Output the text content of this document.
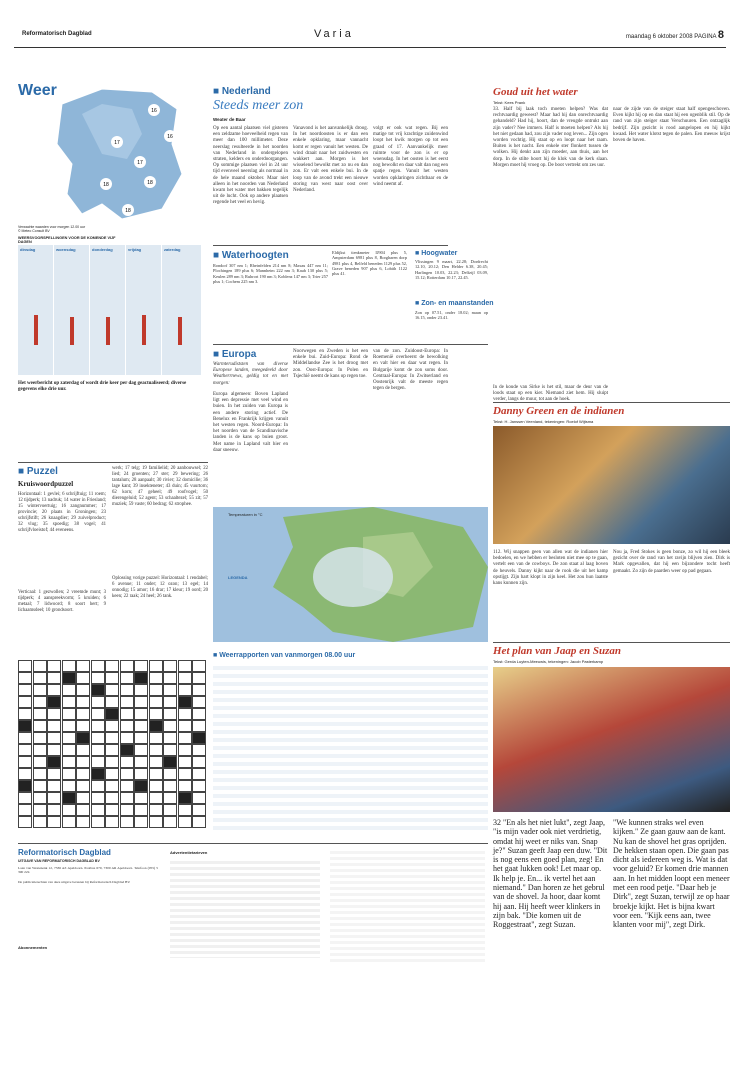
Reformatorisch Dagblad	Varia	maandag 6 oktober 2008 PAGINA 8
Weer
16
16
17
17
18	18
18
Verwachte waarden voor morgen 12.00 uur
© Meteo Consult BV
WEERSVOORSPELLINGEN VOOR DE KOMENDE VIJF DAGEN
dinsdag	woensdag	donderdag	vrijdag	zaterdag
Het weerbericht op zaterdag of wordt drie keer per dag geactualiseerd; diverse gegevens elke drie uur.
■ Puzzel
Kruiswoordpuzzel
Horizontaal: 1 gevlei; 6 schrijftuig; 11 roem; 12 tijdperk; 13 nadruk; 14 water in Friesland; 15 wintervoertuig; 16 zangnummer; 17 provincie; 20 plaats in Groningen; 23 schrijfstift; 26 knaagdier; 29 zuivelproduct; 32 vlug; 35 spoedig; 38 vogel; 41 schrijfvloeistof; 44 eveneens.
Verticaal: 1 gezwollen; 2 vreemde munt; 3 tijdperk; 4 aanspreekvorm; 5 kruiden; 6 metaal; 7 lidwoord; 8 soort hert; 9 lichaamsdeel; 10 grondsoort.
werk; 17 telg; 19 familielid; 20 aanbouwsel; 22 lied; 24 groenten; 27 ster; 29 bewering; 26 tantalum; 28 aanpaalt; 30 rivier; 32 domicilie; 36 lage kant; 39 insekteneter; 43 duin; 45 vuurtorn; 62 korn; 47 geheel; 49 roofvogel; 50 dierengeluid; 52 agent; 53 schaaltezel; 55 zit; 57 muziek; 59 vaste; 60 bedrag; 62 strophee.
Oplossing vorige puzzel: Horizontaal: 1 rendabel; 6 avenue; 11 onder; 12 ozon; 13 egel; 14 onnodig; 15 amor; 16 drar; 17 kleur; 19 oord; 20 keen; 22 raak; 24 heel; 26 tank.
■ Nederland
Steeds meer zon
Weater de Baar
Op een aantal plaatsen viel gisteren een zeldzame hoeveelheid regen van meer dan 100 millimeter. Deze neerslag resulteerde in het noorden van Nederland in ondergelopen straten, kelders en onderdoorgangen. Op sommige plaatsen viel in 24 uur tijd evenveel neerslag als normaal in de hele maand oktober. Maar niet alleen in het noorden van Nederland kwam het water met bakken tegelijk uit de lucht. Ook op andere plaatsen regende het veel en hevig.
Vanavond is het aanvankelijk droog. In het noordoosten is er dan een enkele opklaring, maar vannacht komt er regen vanuit het westen. De wind draait naar het zuidwesten en wakkert aan. Morgen is het wisselend bewolkt met zo nu en dan zon. Er valt een enkele bui. In de loop van de avond trekt een nieuwe storing van west naar oost over Nederland.
volgt er ook wat regen. Bij een matige tot vrij krachtige zuidenwind loopt het kwik morgen op tot een graad of 17. Aanvankelijk meer ruimte voor de zon is er op woensdag. In het oosten is het eerst nog bewolkt en daar valt dan nog een spatje regen. Vanuit het westen worden opklaringen zichtbaar en de wind neemt af.
■ Waterhoogten
Rondorf 307 nm 1; Rheinfelden 214 nm 8; Maxau 447 nm 11; Plochingen 189 plus 6; Mannheim 222 nm 3; Kaub 130 plus 5; Keulen 289 nm 3; Ruhrort 190 nm 3; Koblenz 147 nm 3; Trier 257 plus 1; Cochem 225 nm 3.
Eldijkst tienkmeter IJ904 plus 5, Ampsterdam 6981 plus 8, Borgharen dorp 4981 plus 4, Belfeld beneden 1129 plus 52, Grave beneden 907 plus 6, Lobith 1122 plus 41.
■ Hoogwater
Vlissingen 9 maart, 22.28; Dordrecht 12.10, 20.12; Den Helder 6.38, 20.45; Harlingen 10.03, 22.23; Delfzijl 03.09, 15.12; Rotterdam 10.17, 22.45.
■ Zon- en maanstanden
Zon op 07.51, onder 18.02; maan op 16.15, onder 23.41.
■ Europa
Warmterudiststen van diverse Europese landen, meegedeeld door Weatherrnews, geldig tot en met morgen:
Europa algemeen: Boven Lapland ligt een depressie met veel wind en buien. In het zuiden van Europa is een andere storing actief. De Benelux en Frankrijk krijgen vanuit het westen regen. Noord-Europa: In het noorden van de Scandinavische landen is de kans op buien groot. Met name in Lapland valt hier en daar sneeuw.
Noorwegen en Zweden is het een enkele bui. Zuid-Europa: Rond de Middellandse Zee is het droog met zon. Oost-Europa: In Polen en Tsjechië neemt de kans op regen toe.
van de zon. Zuidoost-Europa: In Roemenië overheerst de bewolking en valt hier en daar wat regen. In Bulgarije komt de zon soms door. Centraal-Europa: In Zwitserland en Oostenrijk valt de meeste regen tegen de bergen.
Temperaturen in °C
LEGENDA
■ Weerrapporten van vanmorgen 08.00 uur
Goud uit het water
Tekst: Kees Prank
33. Half bij laak toch moeten helpen? Was dat rechtvaardig geweest? Maar had hij dan onrechtvaardig gehandeld? Had hij, hoort, dan de vreugde ontrukt aan zijn vader? Nee immers. Half is moeten helpen? Als hij het niet gedaan had, zou zijn vader nog leven... Zijn ogen worden vochtig. Hij staat op en loopt naar het raam. Buiten is het nacht. Een enkele ster flonkert tussen de wolken. Hij denkt aan zijn moeder, aan thuis, aan het dorp. In de stilte hoort hij de klok van de kerk slaan. Morgen moet hij vroeg op. De boot vertrekt om zes uur.
naar de zijde van de steiger staat half opengeschoven. Even kijkt hij op en dan staat hij een ogenblik stil. Op de rand van zijn steiger staat Verschuuren. Een ontzaglijk bedrijf. Zijn gezicht is rood aangelopen en hij kijkt kwaad. Het water klotst tegen de palen. Een meeuw krijst boven de haven.
In de koude van Sirke is het stil, maar de deur van de loods staat op een kier. Niemand ziet hem. Hij sluipt verder, langs de muur, tot aan de hoek.
Danny Green en de indianen
Tekst: H. Janssen Veenland, tekeningen: Roelof Wijtsma
112. Wij snappen geen van allen wat de indianen hier bedoelen, en we hebben er besloten niet mee op te gaan, vertelt een van de cowboys. De zon staat al laag boven de heuvels. Danny kijkt naar de rook die uit het kamp opstijgt. Zijn hart klopt in zijn keel. Het zou hun laatste kans kunnen zijn.
Nou ja, Fred Stokes is geen bonze, zo wil hij een bleek gezicht over de rand van het ravijn blijven zien. Dirk is Mark opgevallen, dat hij een bijzondere tocht heeft gemaakt. Zo zijn de paarden weer op pad gegaan.
Het plan van Jaap en Suzan
Tekst: Gerda Luyten-Meeuwis, tekeningen: Jacob Pasterkamp
32 "En als het niet lukt", zegt Jaap, "is mijn vader ook niet verdrietig, omdat hij weet er niks van. Snap je?" Suzan geeft Jaap een duw. "Dit is nog eens een goed plan, zeg! En het gaat lukken ook! Let maar op. Ik help je. En... ik vertel het aan niemand." Dan horen ze het gebrul van de shovel. Ja hoor, daar komt hij aan. Hij heeft weer klinkers in zijn bak. "Die komen uit de Roggestraat", zegt Suzan.
"We kunnen straks wel even kijken." Ze gaan gauw aan de kant. Nu kan de shovel het gras oprijden. De hekken staan open. Die gaan pas dicht als iedereen weg is. Wat is dat voor geluid? Er komen drie mannen aan. In het midden loopt een meneer met een rood petje. "Daar heb je Dirk", zegt Suzan, terwijl ze op haar broekje kijkt. Het is bijna kwart voor een. "Kijk eens aan, twee klanten voor mij", zegt Dirk.
Reformatorisch Dagblad
UITGAVE VAN REFORMATORISCH DAGBLAD BV
Laan van Westenenk 12, 7336 AZ Apeldoorn. Postbus 670, 7300 AR Apeldoorn. Telefoon (055) 5 390 222.
De publicatierechten van deze uitgave berusten bij Reformatorisch Dagblad BV.
Abonnementen
Advertentietarieven
